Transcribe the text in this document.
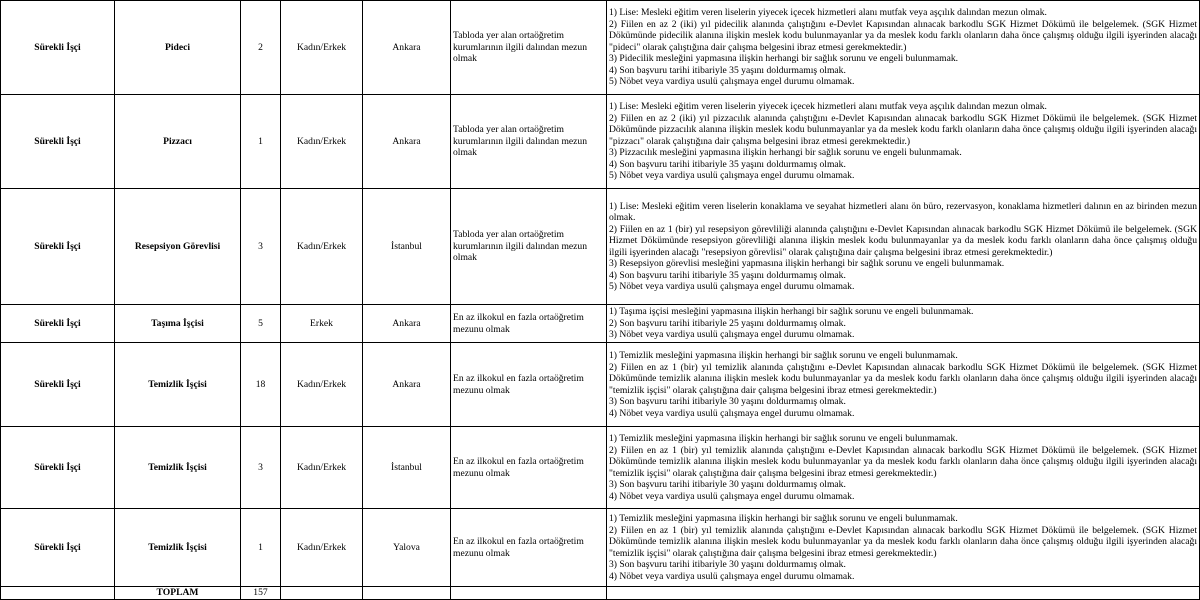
Sürekli İşçi	Pideci	2	Kadın/Erkek	Ankara	Tabloda yer alan ortaöğretim kurumlarının ilgili dalından mezun olmak	1) Lise: Mesleki eğitim veren liselerin yiyecek içecek hizmetleri alanı mutfak veya aşçılık dalından mezun olmak.
2) Fiilen en az 2 (iki) yıl pidecilik alanında çalıştığını e-Devlet Kapısından alınacak barkodlu SGK Hizmet Dökümü ile belgelemek. (SGK Hizmet Dökümünde pidecilik alanına ilişkin meslek kodu bulunmayanlar ya da meslek kodu farklı olanların daha önce çalışmış olduğu ilgili işyerinden alacağı "pideci" olarak çalıştığına dair çalışma belgesini ibraz etmesi gerekmektedir.)
3) Pidecilik mesleğini yapmasına ilişkin herhangi bir sağlık sorunu ve engeli bulunmamak.
4) Son başvuru tarihi itibariyle 35 yaşını doldurmamış olmak.
5) Nöbet veya vardiya usulü çalışmaya engel durumu olmamak.

Sürekli İşçi	Pizzacı	1	Kadın/Erkek	Ankara	Tabloda yer alan ortaöğretim kurumlarının ilgili dalından mezun olmak	1) Lise: Mesleki eğitim veren liselerin yiyecek içecek hizmetleri alanı mutfak veya aşçılık dalından mezun olmak.
2) Fiilen en az 2 (iki) yıl pizzacılık alanında çalıştığını e-Devlet Kapısından alınacak barkodlu SGK Hizmet Dökümü ile belgelemek. (SGK Hizmet Dökümünde pizzacılık alanına ilişkin meslek kodu bulunmayanlar ya da meslek kodu farklı olanların daha önce çalışmış olduğu ilgili işyerinden alacağı "pizzacı" olarak çalıştığına dair çalışma belgesini ibraz etmesi gerekmektedir.)
3) Pizzacılık mesleğini yapmasına ilişkin herhangi bir sağlık sorunu ve engeli bulunmamak.
4) Son başvuru tarihi itibariyle 35 yaşını doldurmamış olmak.
5) Nöbet veya vardiya usulü çalışmaya engel durumu olmamak.

Sürekli İşçi	Resepsiyon Görevlisi	3	Kadın/Erkek	İstanbul	Tabloda yer alan ortaöğretim kurumlarının ilgili dalından mezun olmak	1) Lise: Mesleki eğitim veren liselerin konaklama ve seyahat hizmetleri alanı ön büro, rezervasyon, konaklama hizmetleri dalının en az birinden mezun olmak.
2) Fiilen en az 1 (bir) yıl resepsiyon görevliliği alanında çalıştığını e-Devlet Kapısından alınacak barkodlu SGK Hizmet Dökümü ile belgelemek. (SGK Hizmet Dökümünde resepsiyon görevliliği alanına ilişkin meslek kodu bulunmayanlar ya da meslek kodu farklı olanların daha önce çalışmış olduğu ilgili işyerinden alacağı "resepsiyon görevlisi" olarak çalıştığına dair çalışma belgesini ibraz etmesi gerekmektedir.)
3) Resepsiyon görevlisi mesleğini yapmasına ilişkin herhangi bir sağlık sorunu ve engeli bulunmamak.
4) Son başvuru tarihi itibariyle 35 yaşını doldurmamış olmak.
5) Nöbet veya vardiya usulü çalışmaya engel durumu olmamak.

Sürekli İşçi	Taşıma İşçisi	5	Erkek	Ankara	En az ilkokul en fazla ortaöğretim mezunu olmak	1) Taşıma işçisi mesleğini yapmasına ilişkin herhangi bir sağlık sorunu ve engeli bulunmamak.
2) Son başvuru tarihi itibariyle 25 yaşını doldurmamış olmak.
3) Nöbet veya vardiya usulü çalışmaya engel durumu olmamak.

Sürekli İşçi	Temizlik İşçisi	18	Kadın/Erkek	Ankara	En az ilkokul en fazla ortaöğretim mezunu olmak	1) Temizlik mesleğini yapmasına ilişkin herhangi bir sağlık sorunu ve engeli bulunmamak.
2) Fiilen en az 1 (bir) yıl temizlik alanında çalıştığını e-Devlet Kapısından alınacak barkodlu SGK Hizmet Dökümü ile belgelemek. (SGK Hizmet Dökümünde temizlik alanına ilişkin meslek kodu bulunmayanlar ya da meslek kodu farklı olanların daha önce çalışmış olduğu ilgili işyerinden alacağı "temizlik işçisi" olarak çalıştığına dair çalışma belgesini ibraz etmesi gerekmektedir.)
3) Son başvuru tarihi itibariyle 30 yaşını doldurmamış olmak.
4) Nöbet veya vardiya usulü çalışmaya engel durumu olmamak.

Sürekli İşçi	Temizlik İşçisi	3	Kadın/Erkek	İstanbul	En az ilkokul en fazla ortaöğretim mezunu olmak	1) Temizlik mesleğini yapmasına ilişkin herhangi bir sağlık sorunu ve engeli bulunmamak.
2) Fiilen en az 1 (bir) yıl temizlik alanında çalıştığını e-Devlet Kapısından alınacak barkodlu SGK Hizmet Dökümü ile belgelemek. (SGK Hizmet Dökümünde temizlik alanına ilişkin meslek kodu bulunmayanlar ya da meslek kodu farklı olanların daha önce çalışmış olduğu ilgili işyerinden alacağı "temizlik işçisi" olarak çalıştığına dair çalışma belgesini ibraz etmesi gerekmektedir.)
3) Son başvuru tarihi itibariyle 30 yaşını doldurmamış olmak.
4) Nöbet veya vardiya usulü çalışmaya engel durumu olmamak.

Sürekli İşçi	Temizlik İşçisi	1	Kadın/Erkek	Yalova	En az ilkokul en fazla ortaöğretim mezunu olmak	1) Temizlik mesleğini yapmasına ilişkin herhangi bir sağlık sorunu ve engeli bulunmamak.
2) Fiilen en az 1 (bir) yıl temizlik alanında çalıştığını e-Devlet Kapısından alınacak barkodlu SGK Hizmet Dökümü ile belgelemek. (SGK Hizmet Dökümünde temizlik alanına ilişkin meslek kodu bulunmayanlar ya da meslek kodu farklı olanların daha önce çalışmış olduğu ilgili işyerinden alacağı "temizlik işçisi" olarak çalıştığına dair çalışma belgesini ibraz etmesi gerekmektedir.)
3) Son başvuru tarihi itibariyle 30 yaşını doldurmamış olmak.
4) Nöbet veya vardiya usulü çalışmaya engel durumu olmamak.

	TOPLAM	157				
